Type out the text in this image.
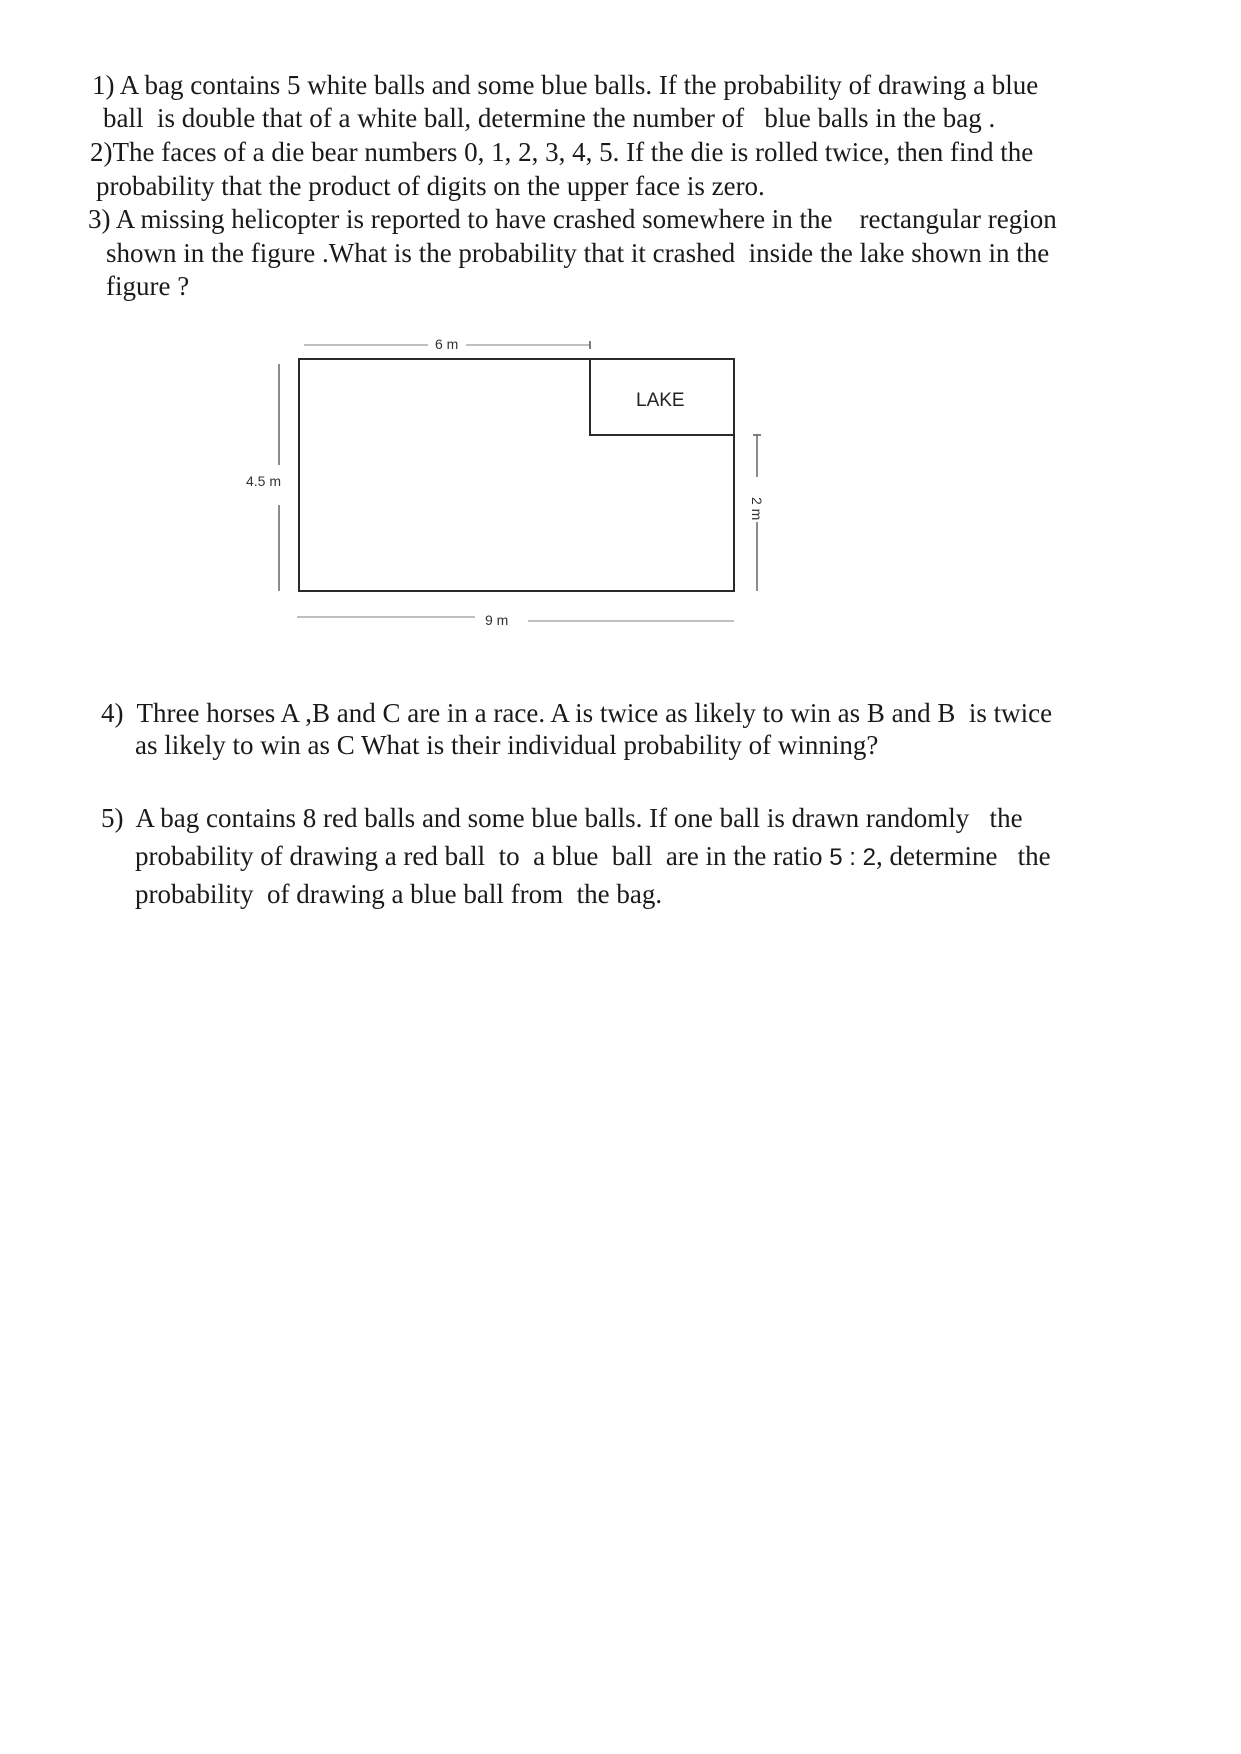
1) A bag contains 5 white balls and some blue balls. If the probability of drawing a blue
ball  is double that of a white ball, determine the number of   blue balls in the bag .
2)The faces of a die bear numbers 0, 1, 2, 3, 4, 5. If the die is rolled twice, then find the
probability that the product of digits on the upper face is zero.
3) A missing helicopter is reported to have crashed somewhere in the    rectangular region
shown in the figure .What is the probability that it crashed  inside the lake shown in the
figure ?
6 m
LAKE
4.5 m
2 m
9 m
4)  Three horses A ,B and C are in a race. A is twice as likely to win as B and B  is twice
as likely to win as C What is their individual probability of winning?
5)  A bag contains 8 red balls and some blue balls. If one ball is drawn randomly   the
probability of drawing a red ball  to  a blue  ball  are in the ratio 5 : 2, determine   the
probability  of drawing a blue ball from  the bag.
